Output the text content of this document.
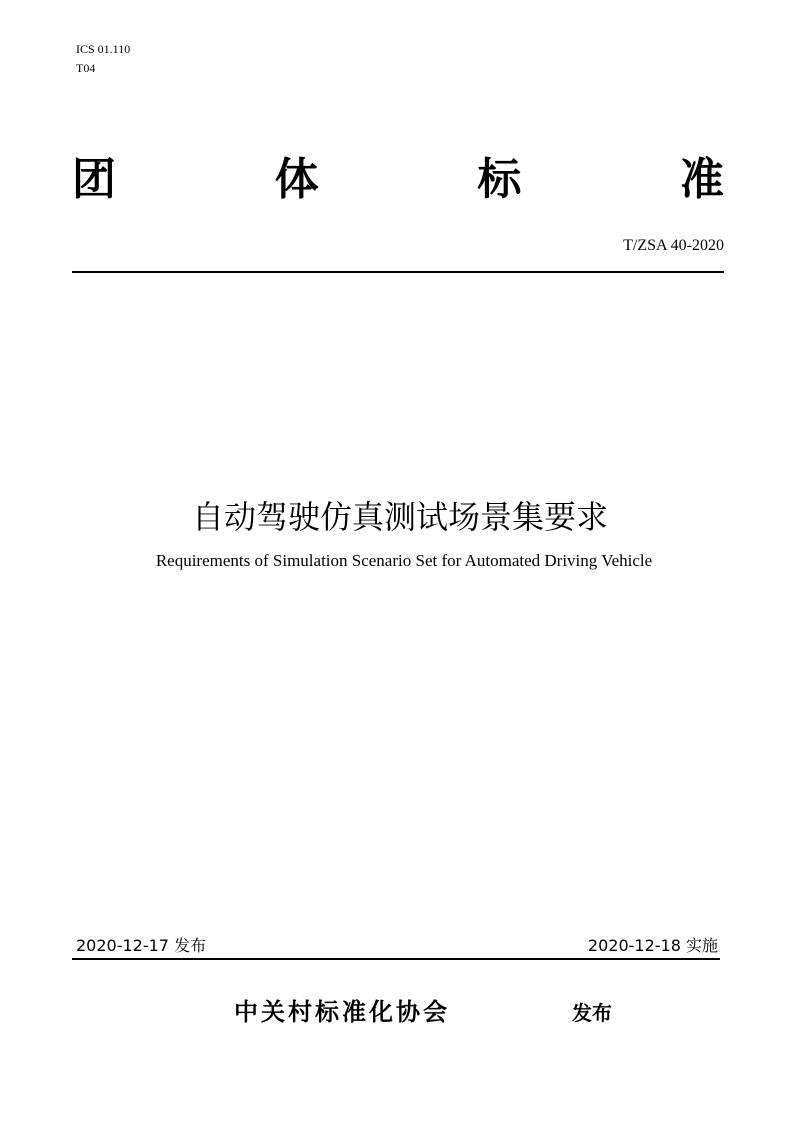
ICS 01.110
T04
团	体	标	准
T/ZSA 40-2020
自动驾驶仿真测试场景集要求
Requirements of Simulation Scenario Set for Automated Driving Vehicle
2020-12-17 发布	2020-12-18 实施
中关村标准化协会	发布
